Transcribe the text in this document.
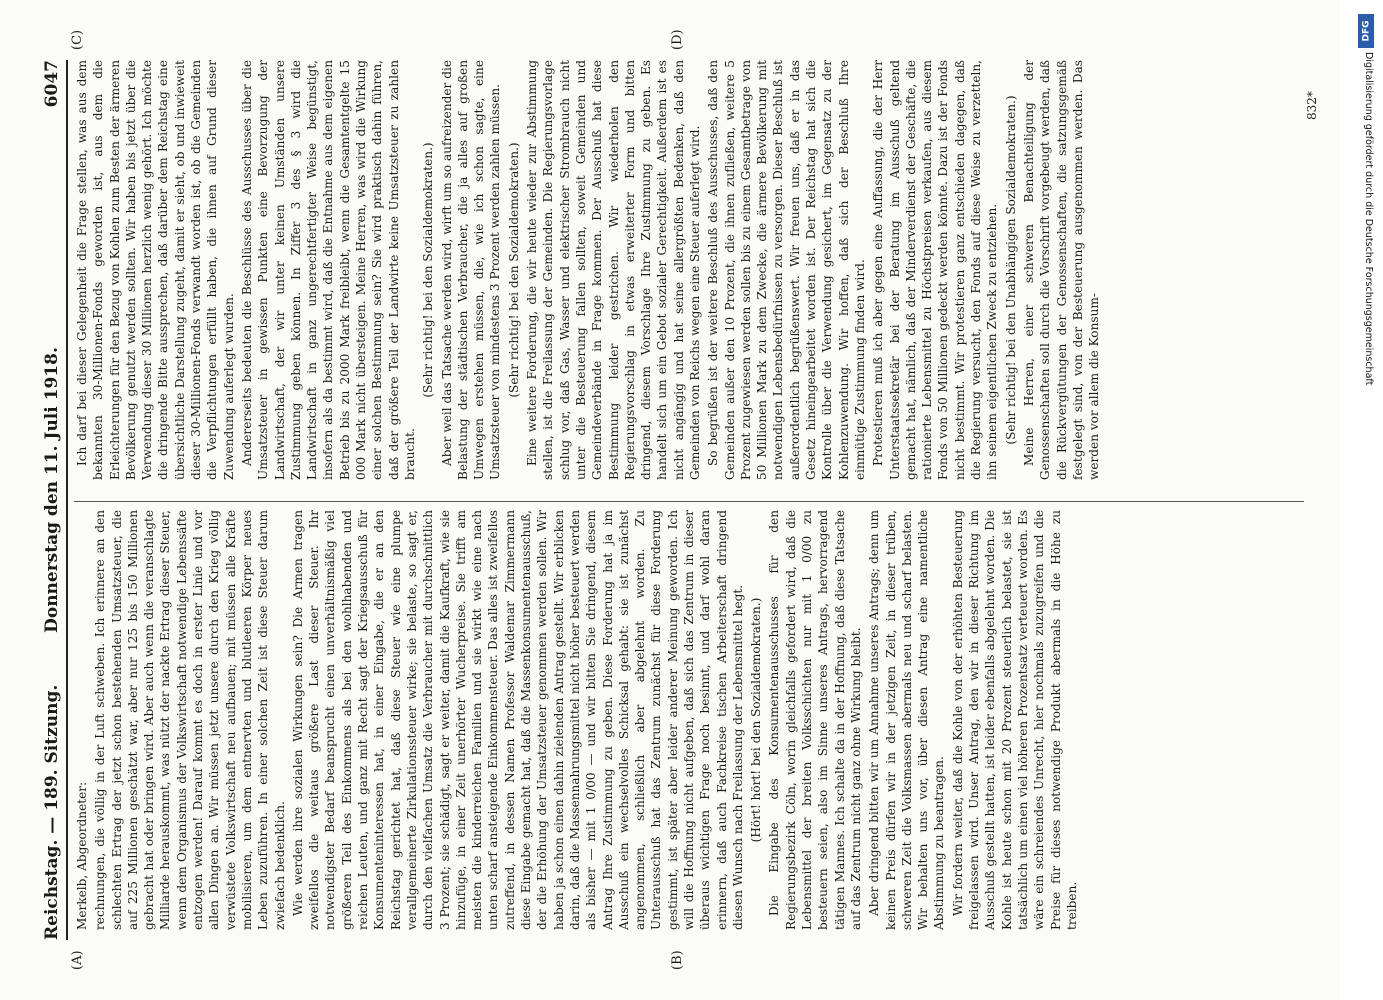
Reichstag. — 189. Sitzung.
Donnerstag den 11. Juli 1918.
6047
(A)	(B)
(C)	(D)

Merkelb, Abgeordneter: rechnungen, die völlig in der Luft schweben. Ich erinnere an den schlechten Ertrag der jetzt schon bestehenden Umsatzsteuer, die auf 225 Millionen geschätzt war, aber nur 125 bis 150 Millionen gebracht hat oder bringen wird. Aber auch wenn die veranschlagte Milliarde herauskommt, was nützt der nackte Ertrag dieser Steuer, wenn dem Organismus der Volkswirtschaft notwendige Lebenssäfte entzogen werden! Darauf kommt es doch in erster Linie und vor allen Dingen an. Wir müssen jetzt unsere durch den Krieg völlig verwüstete Volkswirtschaft neu aufbauen; mit müssen alle Kräfte mobilisieren, um dem entnervten und blutleeren Körper neues Leben zuzuführen. In einer solchen Zeit ist diese Steuer darum zwiefach bedenklich. Wie werden ihre sozialen Wirkungen sein? Die Armen tragen zweifellos die weitaus größere Last dieser Steuer. Ihr notwendigster Bedarf beansprucht einen unverhältnismäßig viel größeren Teil des Einkommens als bei den wohlhabenden und reichen Leuten, und ganz mit Recht sagt der Kriegsausschuß für Konsumenteninteressen hat, in einer Eingabe, die er an den Reichstag gerichtet hat, daß diese Steuer wie eine plumpe verallgemeinerte Zirkulationssteuer wirke; sie belaste, so sagt er, durch den vielfachen Umsatz die Verbraucher mit durchschnittlich 3 Prozent; sie schädigt, sagt er weiter, damit die Kaufkraft, wie sie hinzufüge, in einer Zeit unerhörter Wucherpreise. Sie trifft am meisten die kinderreichen Familien und sie wirkt wie eine nach unten scharf ansteigende Einkommensteuer. Das alles ist zweifellos zutreffend, in dessen Namen Professor Waldemar Zimmermann diese Eingabe gemacht hat, daß die Massenkonsumentenausschuß, der die Erhöhung der Umsatzsteuer genommen werden sollen. Wir haben ja schon einen dahin zielenden Antrag gestellt. Wir erblicken darin, daß die Massennahrungsmittel nicht höher besteuert werden als bisher — mit 1 0/00 — und wir bitten Sie dringend, diesem Antrag Ihre Zustimmung zu geben. Diese Forderung hat ja im Ausschuß ein wechselvolles Schicksal gehabt: sie ist zunächst angenommen, schließlich aber abgelehnt worden. Zu Unterausschuß hat das Zentrum zunächst für diese Forderung gestimmt, ist später aber leider anderer Meinung geworden. Ich will die Hoffnung nicht aufgeben, daß sich das Zentrum in dieser überaus wichtigen Frage noch besinnt, und darf wohl daran erinnern, daß auch Fachkreise tischen Arbeiterschaft dringend diesen Wunsch nach Freilassung der Lebensmittel hegt. (Hört! hört! bei den Sozialdemokraten.) Die Eingabe des Konsumentenausschusses für den Regierungsbezirk Cöln, worin gleichfalls gefordert wird, daß die Lebensmittel der breiten Volksschichten nur mit 1 0/00 zu besteuern seien, also im Sinne unseres Antrags, hervorragend tätigen Mannes. Ich schalte da in der Hoffnung, daß diese Tatsache auf das Zentrum nicht ganz ohne Wirkung bleibt. Aber dringend bitten wir um Annahme unseres Antrags; denn um keinen Preis dürfen wir in der jetzigen Zeit, in dieser trüben, schweren Zeit die Volksmassen abermals neu und scharf belasten. Wir behalten uns vor, über diesen Antrag eine namentliche Abstimmung zu beantragen. Wir fordern weiter, daß die Kohle von der erhöhten Besteuerung freigelassen wird. Unser Antrag, den wir in dieser Richtung im Ausschuß gestellt hatten, ist leider ebenfalls abgelehnt worden. Die Kohle ist heute schon mit 20 Prozent steuerlich belastet, sie ist tatsächlich um einen viel höheren Prozentsatz verteuert worden. Es wäre ein schreiendes Unrecht, hier nochmals zuzugreifen und die Preise für dieses notwendige Produkt abermals in die Höhe zu treiben.

Ich darf bei dieser Gelegenheit die Frage stellen, was aus dem bekannten 30-Millionen-Fonds geworden ist, aus dem die Erleichterungen für den Bezug von Kohlen zum Besten der ärmeren Bevölkerung genutzt werden sollten. Wir haben bis jetzt über die Verwendung dieser 30 Millionen herzlich wenig gehört. Ich möchte die dringende Bitte aussprechen, daß darüber dem Reichstag eine übersichtliche Darstellung zugeht, damit er sieht, ob und inwieweit dieser 30-Millionen-Fonds verwandt worden ist, ob die Gemeinden die Verpflichtungen erfüllt haben, die ihnen auf Grund dieser Zuwendung auferlegt wurden. Andererseits bedeuten die Beschlüsse des Ausschusses über die Umsatzsteuer in gewissen Punkten eine Bevorzugung der Landwirtschaft, der wir unter keinen Umständen unsere Zustimmung geben können. In Ziffer 3 des § 3 wird die Landwirtschaft in ganz ungerechtfertigter Weise begünstigt, insofern als da bestimmt wird, daß die Entnahme aus dem eigenen Betrieb bis zu 2000 Mark freibleibt, wenn die Gesamtentgelte 15 000 Mark nicht übersteigen. Meine Herren, was wird die Wirkung einer solchen Bestimmung sein? Sie wird praktisch dahin führen, daß der größere Teil der Landwirte keine Umsatzsteuer zu zahlen braucht.

(Sehr richtig! bei den Sozialdemokraten.) Aber weil das Tatsache werden wird, wirft um so aufreizender die Belastung der städtischen Verbraucher, die ja alles auf großen Umwegen erstehen müssen, die, wie ich schon sagte, eine Umsatzsteuer von mindestens 3 Prozent werden zahlen müssen. (Sehr richtig! bei den Sozialdemokraten.) Eine weitere Forderung, die wir heute wieder zur Abstimmung stellen, ist die Freilassung der Gemeinden. Die Regierungsvorlage schlug vor, daß Gas, Wasser und elektrischer Strombrauch nicht unter die Besteuerung fallen sollten, soweit Gemeinden und Gemeindeverbände in Frage kommen. Der Ausschuß hat diese Bestimmung leider gestrichen. Wir wiederholen den Regierungsvorschlag in etwas erweiterter Form und bitten dringend, diesem Vorschlage Ihre Zustimmung zu geben. Es handelt sich um ein Gebot sozialer Gerechtigkeit. Außerdem ist es nicht angängig und hat seine allergrößten Bedenken, daß den Gemeinden von Reichs wegen eine Steuer auferlegt wird. So begrüßen ist der weitere Beschluß des Ausschusses, daß den Gemeinden außer den 10 Prozent, die ihnen zufließen, weitere 5 Prozent zugewiesen werden sollen bis zu einem Gesamtbetrage von 50 Millionen Mark zu dem Zwecke, die ärmere Bevölkerung mit notwendigen Lebensbedürfnissen zu versorgen. Dieser Beschluß ist außerordentlich begrüßenswert. Wir freuen uns, daß er in das Gesetz hineingearbeitet worden ist. Der Reichstag hat sich die Kontrolle über die Verwendung gesichert, im Gegensatz zu der Kohlenzuwendung. Wir hoffen, daß sich der Beschluß Ihre einmütige Zustimmung finden wird. Protestieren muß ich aber gegen eine Auffassung, die der Herr Unterstaatssekretär bei der Beratung im Ausschuß geltend gemacht hat, nämlich, daß der Minderverdienst der Geschäfte, die rationierte Lebensmittel zu Höchstpreisen verkaufen, aus diesem Fonds von 50 Millionen gedeckt werden könnte. Dazu ist der Fonds nicht bestimmt. Wir protestieren ganz entschieden dagegen, daß die Regierung versucht, den Fonds auf diese Weise zu verzetteln, ihn seinem eigentlichen Zweck zu entziehen. (Sehr richtig! bei den Unabhängigen Sozialdemokraten.) Meine Herren, einer schweren Benachteiligung der Genossenschaften soll durch die Vorschrift vorgebeugt werden, daß die Rückvergütungen der Genossenschaften, die satzungsgemäß festgelegt sind, von der Besteuerung ausgenommen werden. Das werden vor allem die Konsum-

832*
DFG
Digitalisierung gefördert durch die Deutsche Forschungsgemeinschaft
